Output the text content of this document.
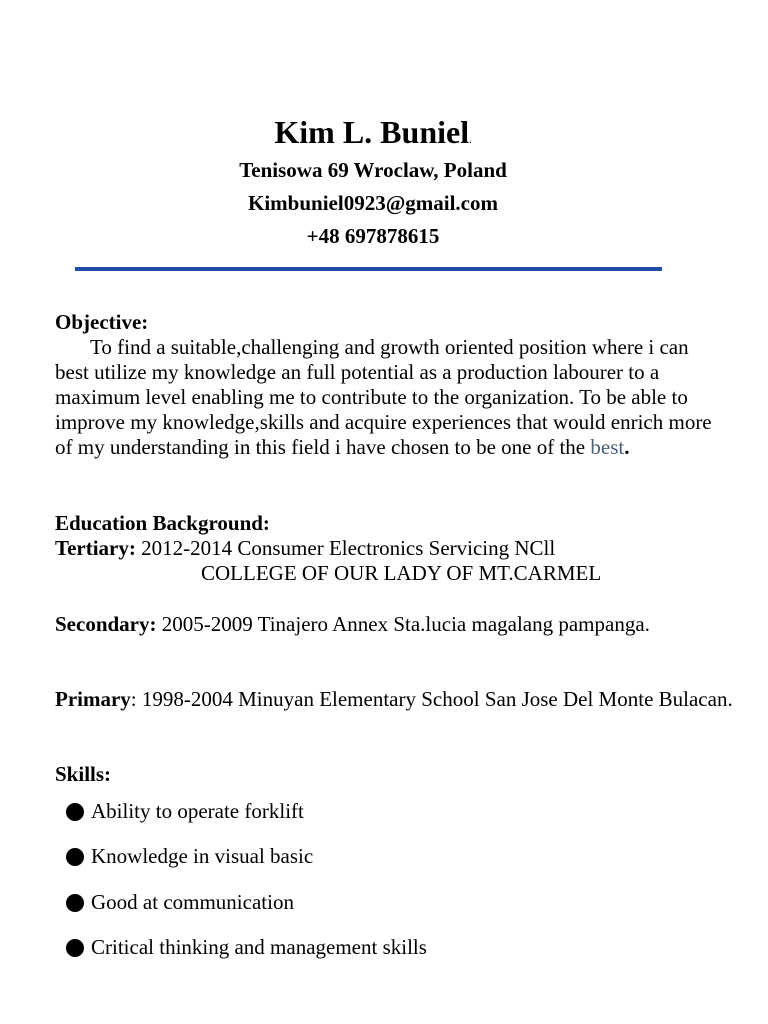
Kim L. Buniel.
Tenisowa 69 Wroclaw, Poland
Kimbuniel0923@gmail.com
+48 697878615
Objective:
To find a suitable,challenging and growth oriented position where i can best utilize my knowledge an full potential as a production labourer to a maximum level enabling me to contribute to the organization. To be able to improve my knowledge,skills and acquire experiences that would enrich more of my understanding in this field i have chosen to be one of the best.
Education Background:
Tertiary: 2012-2014 Consumer Electronics Servicing NCll
COLLEGE OF OUR LADY OF MT.CARMEL
Secondary: 2005-2009 Tinajero Annex Sta.lucia magalang pampanga.
Primary: 1998-2004 Minuyan Elementary School San Jose Del Monte Bulacan.
Skills:
Ability to operate forklift
Knowledge in visual basic
Good at communication
Critical thinking and management skills
